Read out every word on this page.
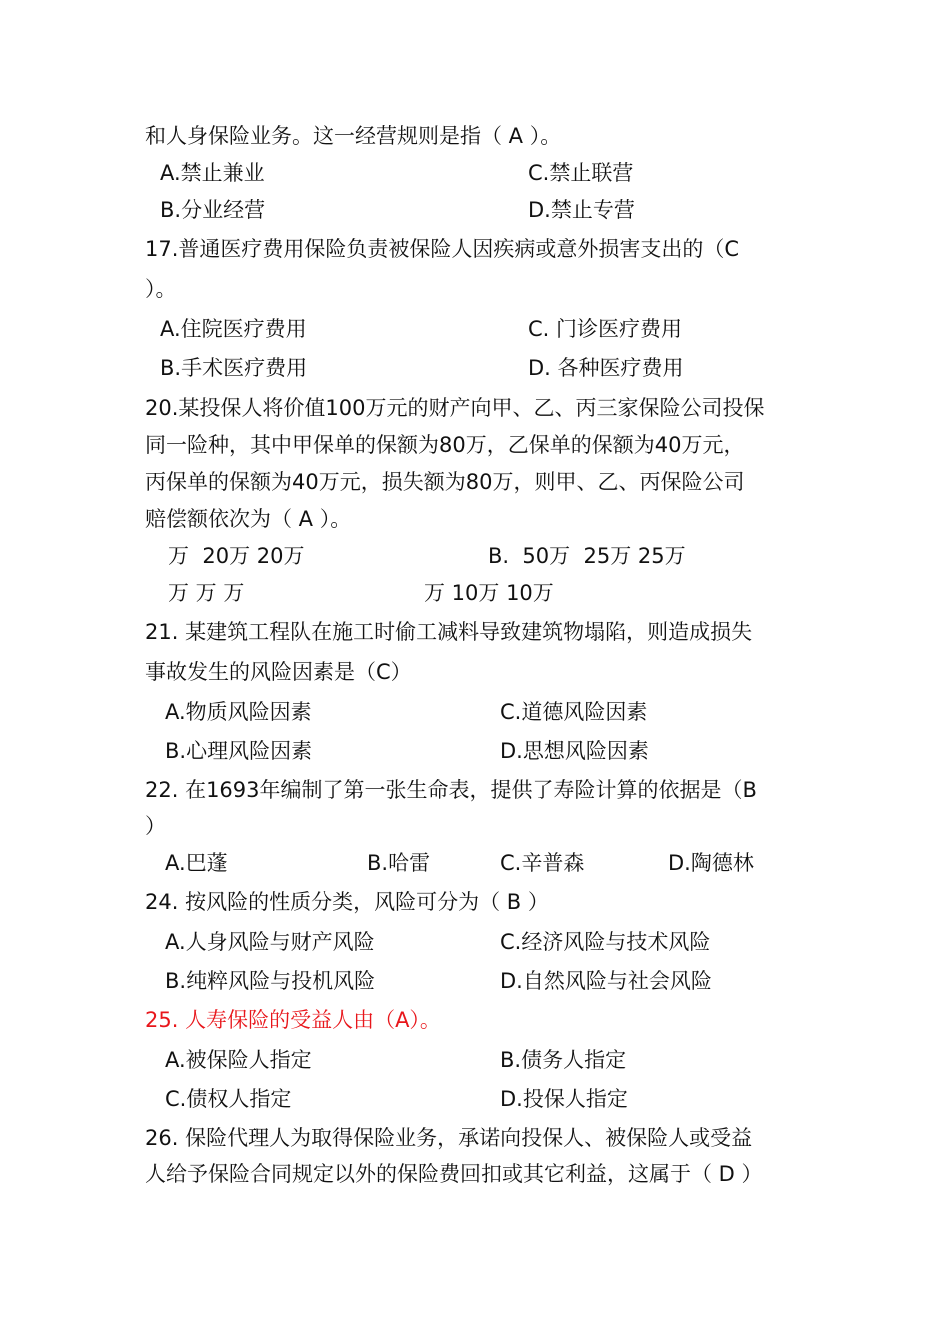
和人身保险业务。这一经营规则是指（ A ）。
A.禁止兼业	C.禁止联营
B.分业经营	D.禁止专营
17.普通医疗费用保险负责被保险人因疾病或意外损害支出的（C
）。
A.住院医疗费用	C. 门诊医疗费用
B.手术医疗费用	D. 各种医疗费用
20.某投保人将价值100万元的财产向甲、乙、丙三家保险公司投保
同一险种，其中甲保单的保额为80万，乙保单的保额为40万元，
丙保单的保额为40万元，损失额为80万，则甲、乙、丙保险公司
赔偿额依次为（ A ）。
万  20万 20万	B.  50万  25万 25万
万 万 万	万 10万 10万
21. 某建筑工程队在施工时偷工减料导致建筑物塌陷，则造成损失
事故发生的风险因素是（C）
A.物质风险因素	C.道德风险因素
B.心理风险因素	D.思想风险因素
22. 在1693年编制了第一张生命表，提供了寿险计算的依据是（B
）
A.巴蓬	B.哈雷	C.辛普森	D.陶德林
24. 按风险的性质分类，风险可分为（ B ）
A.人身风险与财产风险	C.经济风险与技术风险
B.纯粹风险与投机风险	D.自然风险与社会风险
25. 人寿保险的受益人由（A）。
A.被保险人指定	B.债务人指定
C.债权人指定	D.投保人指定
26. 保险代理人为取得保险业务，承诺向投保人、被保险人或受益
人给予保险合同规定以外的保险费回扣或其它利益，这属于（ D ）
